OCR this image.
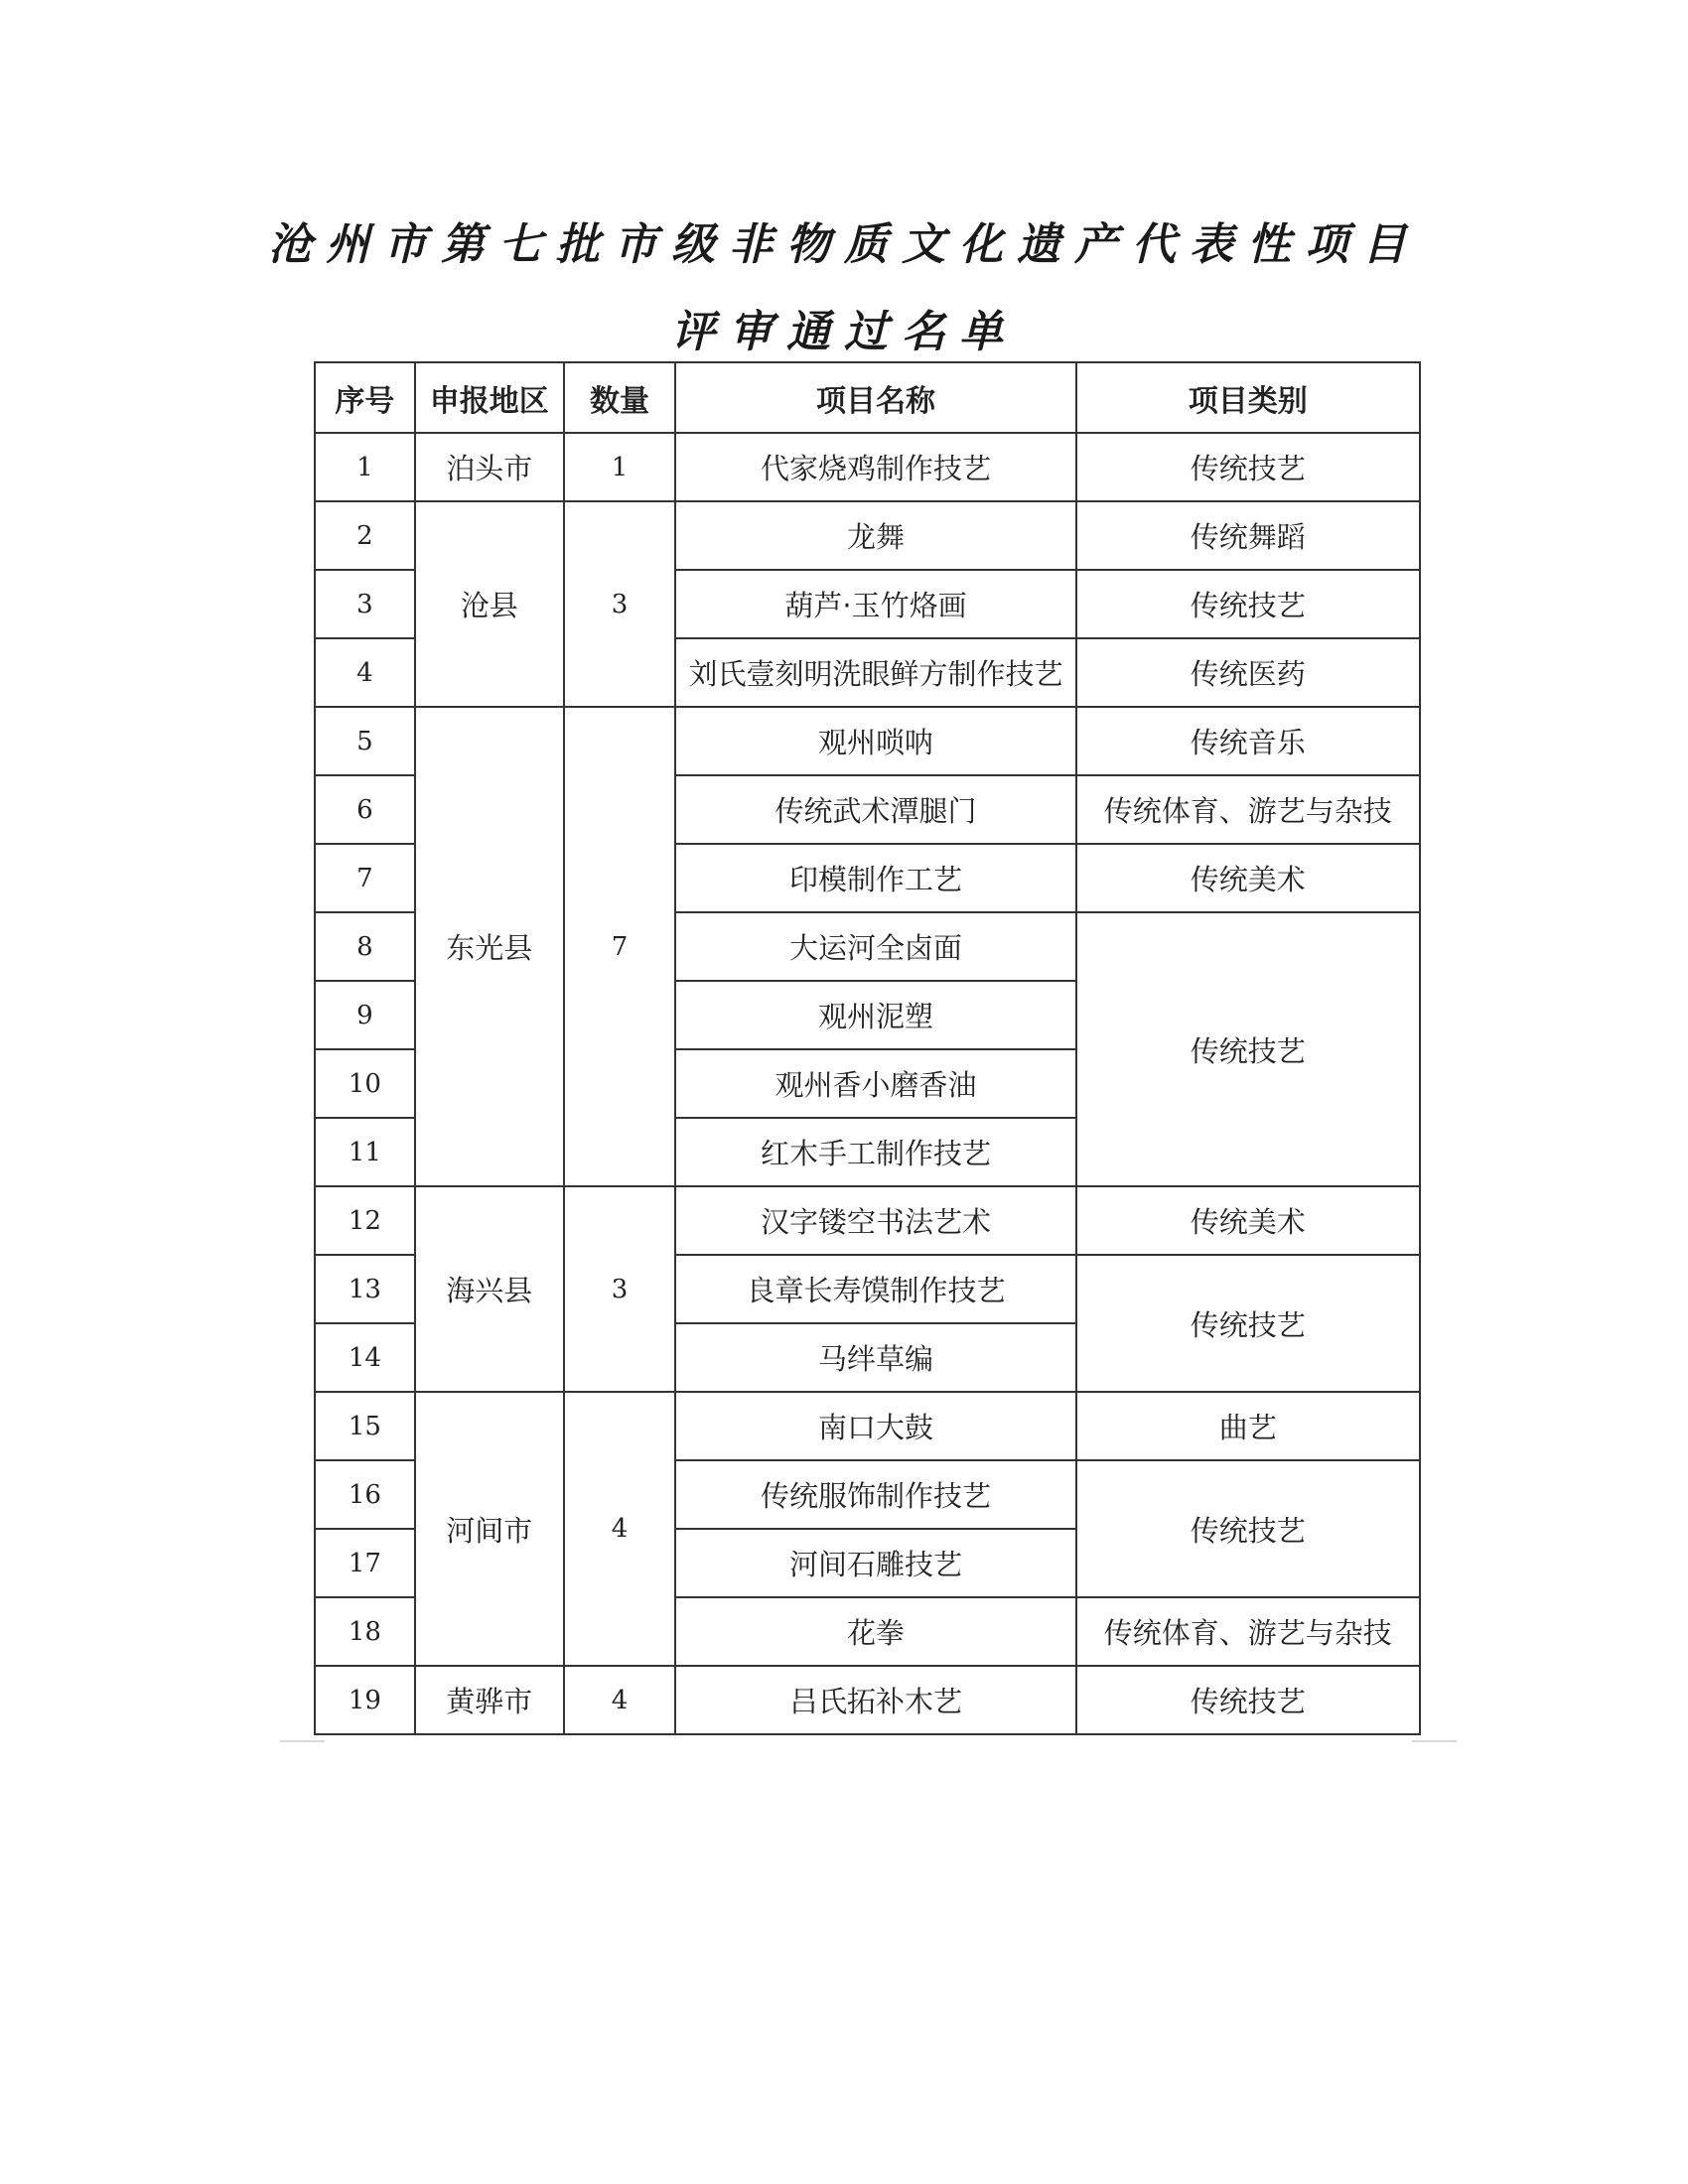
沧州市第七批市级非物质文化遗产代表性项目
评审通过名单
序号	申报地区	数量	项目名称	项目类别
1	泊头市	1	代家烧鸡制作技艺	传统技艺
2	沧县	3	龙舞	传统舞蹈
3			葫芦·玉竹烙画	传统技艺
4			刘氏壹刻明洗眼鲜方制作技艺	传统医药
5	东光县	7	观州唢呐	传统音乐
6			传统武术潭腿门	传统体育、游艺与杂技
7			印模制作工艺	传统美术
8			大运河全卤面	传统技艺
9			观州泥塑	
10			观州香小磨香油	
11			红木手工制作技艺	
12	海兴县	3	汉字镂空书法艺术	传统美术
13			良章长寿馍制作技艺	传统技艺
14			马绊草编	
15	河间市	4	南口大鼓	曲艺
16			传统服饰制作技艺	传统技艺
17			河间石雕技艺	
18			花拳	传统体育、游艺与杂技
19	黄骅市	4	吕氏拓补木艺	传统技艺
